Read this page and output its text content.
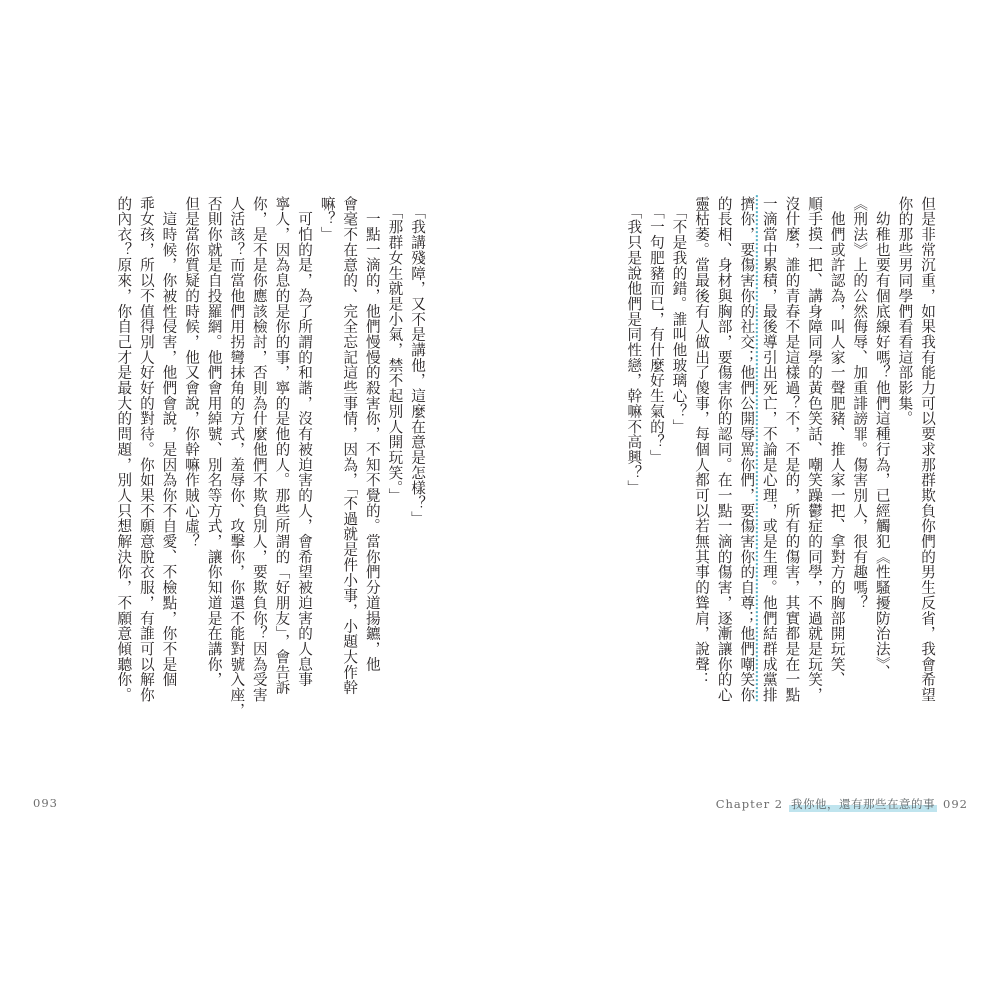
　「我講殘障，又不是講他，這麼在意是怎樣？」
　「那群女生就是小氣，禁不起別人開玩笑。」
　一點一滴的，他們慢慢的殺害你，不知不覺的。當你們分道揚鑣，他
會毫不在意的、完全忘記這些事情，因為，「不過就是件小事，小題大作幹
嘛？」
　可怕的是，為了所謂的和諧，沒有被迫害的人，會希望被迫害的人息事
寧人，因為息的是你的事，寧的是他的人。那些所謂的「好朋友」，會告訴
你，是不是你應該檢討，否則為什麼他們不欺負別人，要欺負你？因為受害
人活該？而當他們用拐彎抹角的方式，羞辱你、攻擊你，你還不能對號入座，
否則你就是自投羅網。他們會用綽號、別名等方式，讓你知道是在講你，
但是當你質疑的時候，他又會說，你幹嘛作賊心虛？
　這時候，你被性侵害，他們會說，是因為你不自愛、不檢點，你不是個
乖女孩，所以不值得別人好好的對待。你如果不願意脫衣服，有誰可以解你
的內衣？原來，你自己才是最大的問題，別人只想解決你，不願意傾聽你。
093
但是非常沉重，如果我有能力可以要求那群欺負你們的男生反省，我會希望
你的那些男同學們看看這部影集。
　幼稚也要有個底線好嗎？他們這種行為，已經觸犯《性騷擾防治法》、
《刑法》上的公然侮辱、加重誹謗罪。傷害別人，很有趣嗎？
　他們或許認為，叫人家一聲肥豬、推人家一把、拿對方的胸部開玩笑、
順手摸一把、講身障同學的黃色笑話、嘲笑躁鬱症的同學，不過就是玩笑，
沒什麼，誰的青春不是這樣過？不，不是的，所有的傷害，其實都是在一點
一滴當中累積，最後導引出死亡，不論是心理，或是生理。他們結群成黨排
擠你，要傷害你的社交；他們公開辱罵你們，要傷害你的自尊；他們嘲笑你
的長相、身材與胸部，要傷害你的認同。在一點一滴的傷害，逐漸讓你的心
靈枯萎。當最後有人做出了傻事，每個人都可以若無其事的聳肩，說聲：
　「不是我的錯。誰叫他玻璃心？」
　「一句肥豬而已，有什麼好生氣的？」
　「我只是說他們是同性戀，幹嘛不高興？」
Chapter 2 我你他，還有那些在意的事 092
